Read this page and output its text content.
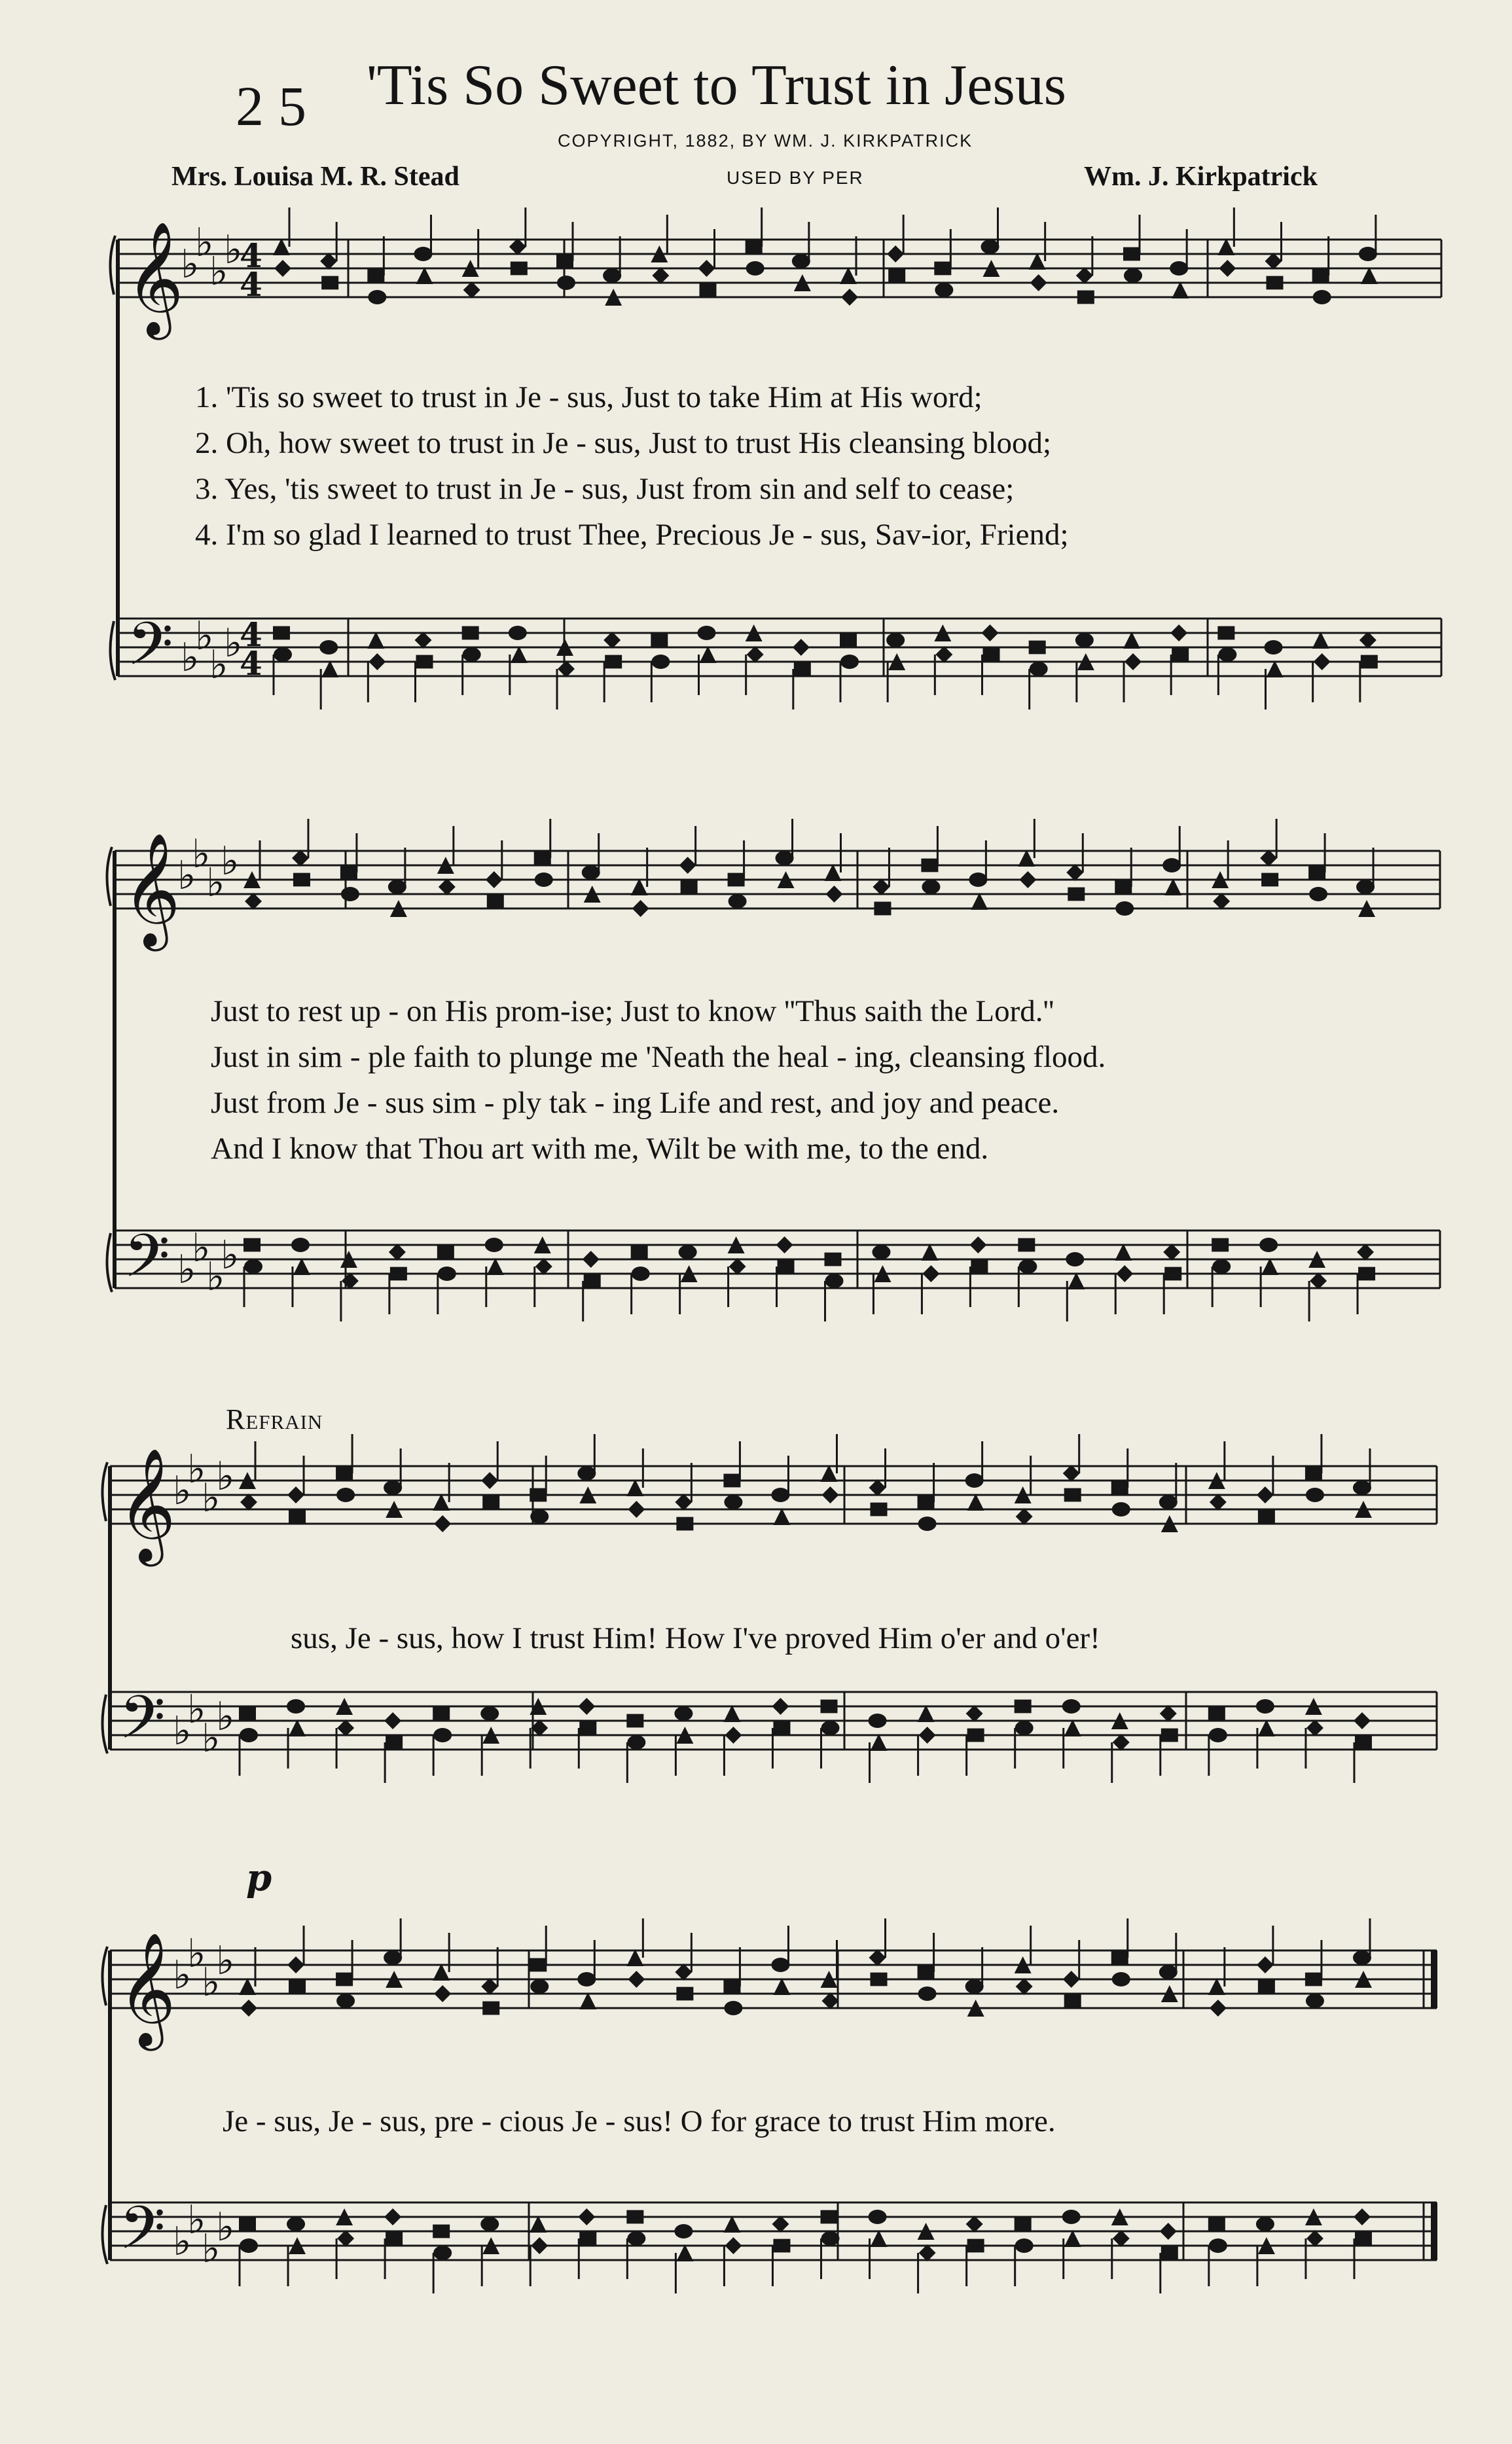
25 'Tis So Sweet to Trust in Jesus
COPYRIGHT, 1882, BY WM. J. KIRKPATRICK
USED BY PER
Mrs. Louisa M. R. Stead	Wm. J. Kirkpatrick
𝄞
𝄢
♭
♭
♭
♭
♭
♭
♭
♭
4
4
4
4
𝄞
𝄢
♭
♭
♭
♭
♭
♭
♭
♭
𝄞
𝄢
♭
♭
♭
♭
♭
♭
♭
♭
𝄞
𝄢
♭
♭
♭
♭
♭
♭
♭
♭
1. 'Tis so sweet to trust in Je - sus, Just to take Him at His word;
2. Oh, how sweet to trust in Je - sus, Just to trust His cleansing blood;
3. Yes, 'tis sweet to trust in Je - sus, Just from sin and self to cease;
4. I'm so glad I learned to trust Thee, Precious Je - sus, Sav-ior, Friend;
Just to rest up - on His prom-ise; Just to know ''Thus saith the Lord.''
Just in sim - ple faith to plunge me 'Neath the heal - ing, cleansing flood.
Just from Je - sus sim - ply tak - ing Life and rest, and joy and peace.
And I know that Thou art with me, Wilt be with me, to the end.
Refrain
sus, Je - sus, how I trust Him! How I've proved Him o'er and o'er!
p
Je - sus, Je - sus, pre - cious Je - sus! O for grace to trust Him more.
